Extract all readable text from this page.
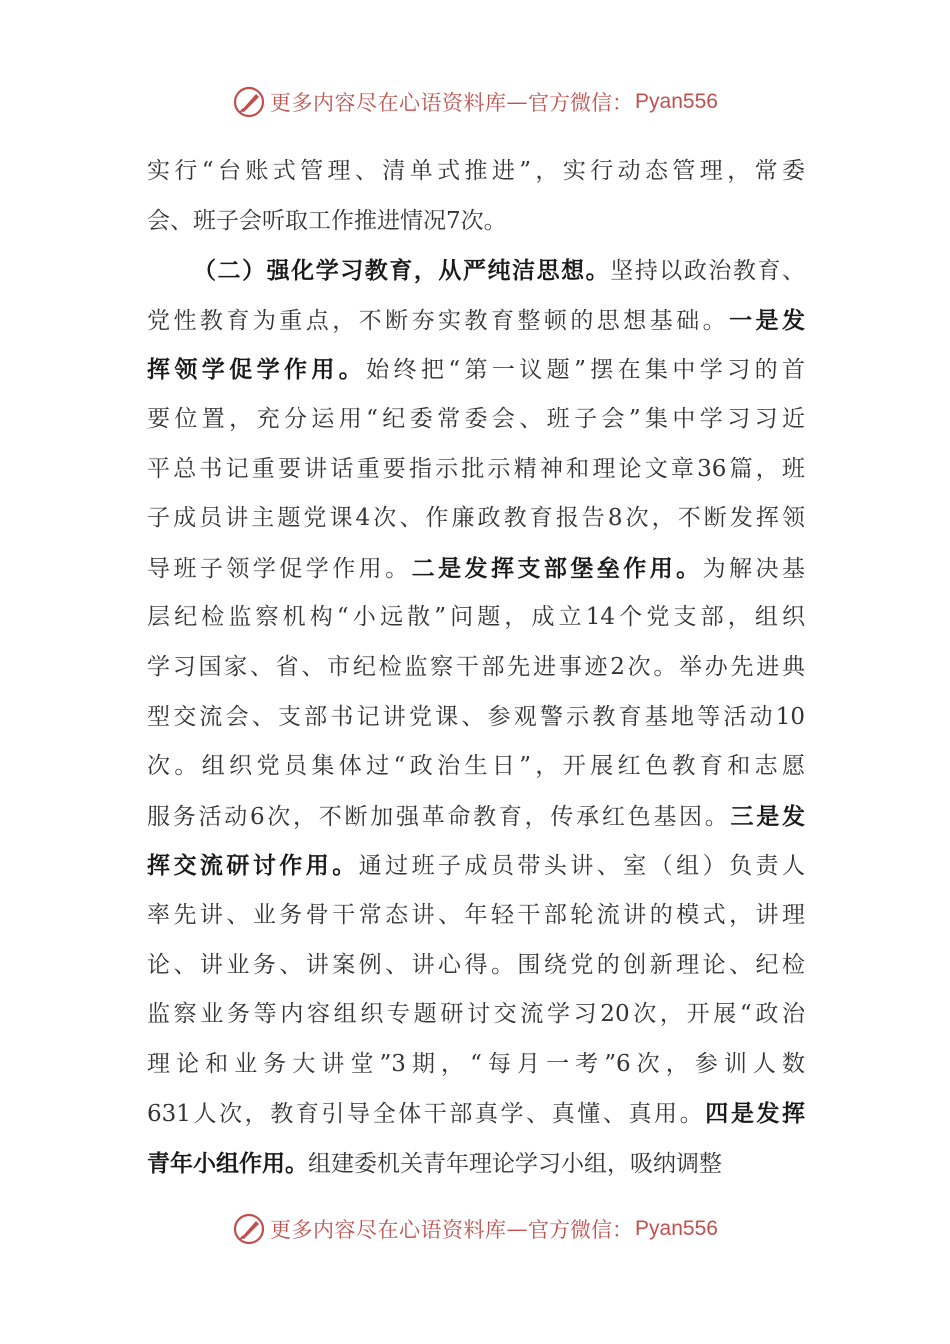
更多内容尽在心语资料库 — 官方微信： Pyan556
实行“台账式管理、清单式推进”，实行动态管理，常委
会、班子会听取工作推进情况7次。
（二）强化学习教育，从严纯洁思想。坚持以政治教育、
党性教育为重点，不断夯实教育整顿的思想基础。一是发
挥领学促学作用。始终把“第一议题”摆在集中学习的首
要位置，充分运用“纪委常委会、班子会”集中学习习近
平总书记重要讲话重要指示批示精神和理论文章36篇，班
子成员讲主题党课4次、作廉政教育报告8次，不断发挥领
导班子领学促学作用。二是发挥支部堡垒作用。为解决基
层纪检监察机构“小远散”问题，成立14个党支部，组织
学习国家、省、市纪检监察干部先进事迹2次。举办先进典
型交流会、支部书记讲党课、参观警示教育基地等活动10
次。组织党员集体过“政治生日”，开展红色教育和志愿
服务活动6次，不断加强革命教育，传承红色基因。三是发
挥交流研讨作用。通过班子成员带头讲、室（组）负责人
率先讲、业务骨干常态讲、年轻干部轮流讲的模式，讲理
论、讲业务、讲案例、讲心得。围绕党的创新理论、纪检
监察业务等内容组织专题研讨交流学习20次，开展“政治
理论和业务大讲堂”3期，“每月一考”6次，参训人数
631人次，教育引导全体干部真学、真懂、真用。四是发挥
青年小组作用。组建委机关青年理论学习小组，吸纳调整
更多内容尽在心语资料库 — 官方微信： Pyan556
